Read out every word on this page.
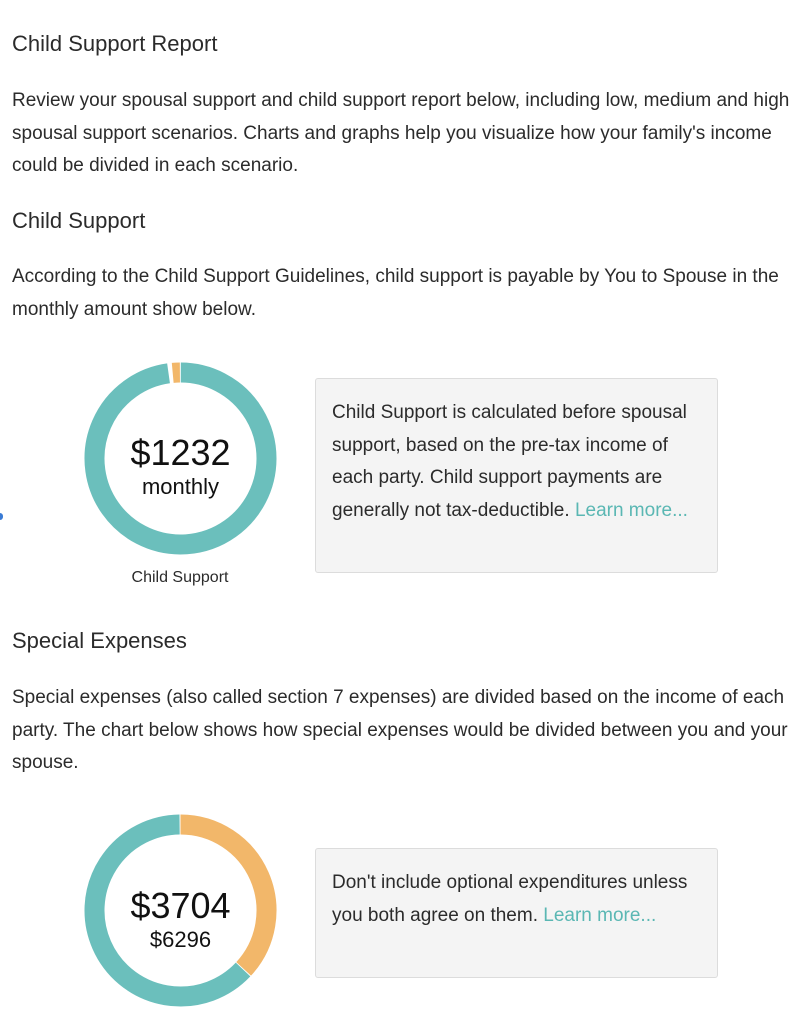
Child Support Report

Review your spousal support and child support report below, including low, medium and high spousal support scenarios. Charts and graphs help you visualize how your family's income could be divided in each scenario.

Child Support

According to the Child Support Guidelines, child support is payable by You to Spouse in the monthly amount show below.

$1232
monthly
Child Support
Child Support is calculated before spousal support, based on the pre-tax income of each party. Child support payments are generally not tax-deductible. Learn more...
Special Expenses

Special expenses (also called section 7 expenses) are divided based on the income of each party. The chart below shows how special expenses would be divided between you and your spouse.

$3704
$6296
Don't include optional expenditures unless you both agree on them. Learn more...
